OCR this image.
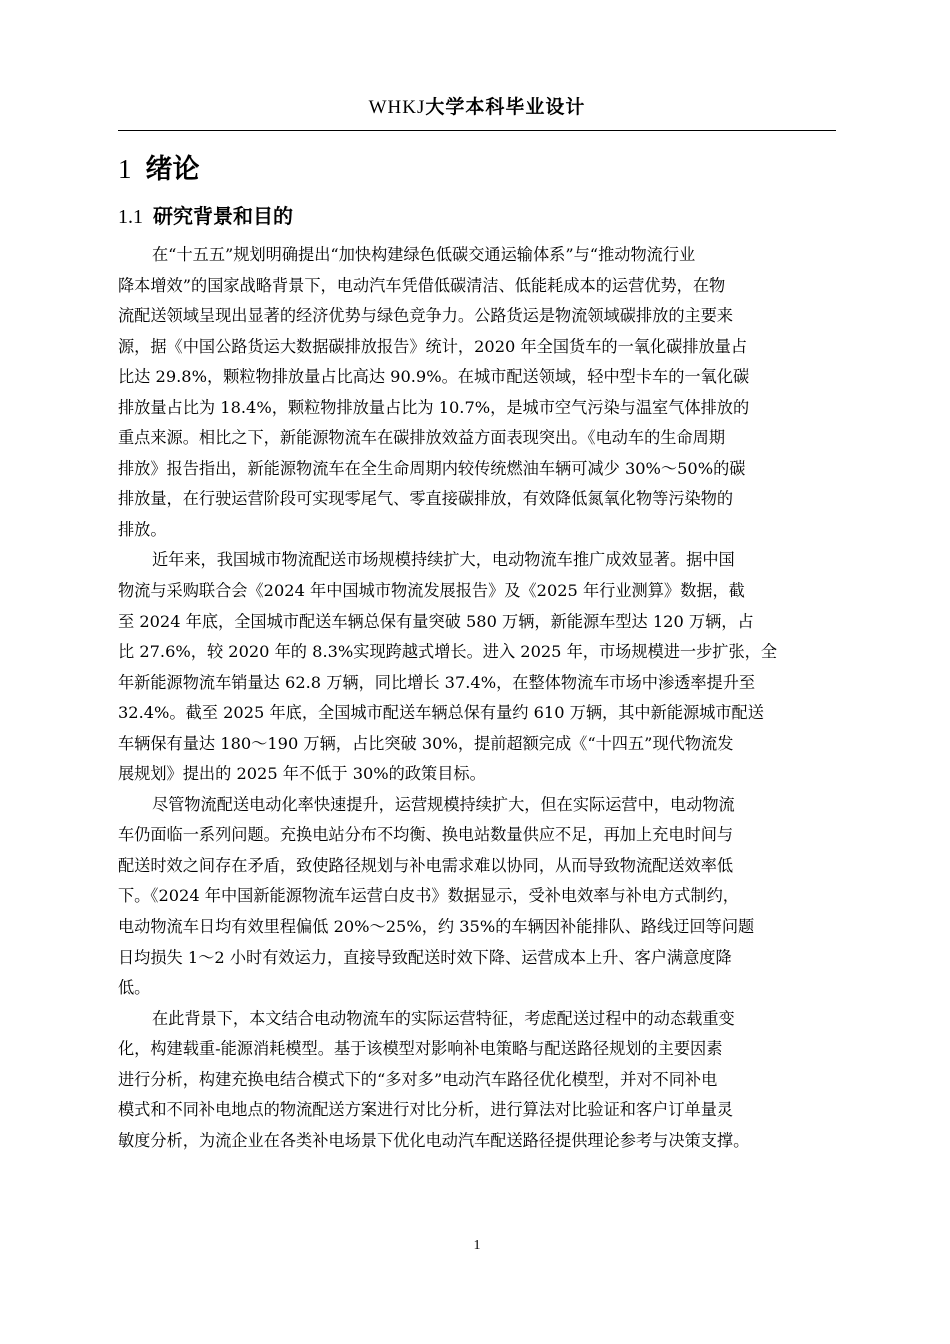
WHKJ大学本科毕业设计
1 绪论
1.1 研究背景和目的
在“十五五”规划明确提出“加快构建绿色低碳交通运输体系”与“推动物流行业
降本增效”的国家战略背景下，电动汽车凭借低碳清洁、低能耗成本的运营优势，在物
流配送领域呈现出显著的经济优势与绿色竞争力。公路货运是物流领域碳排放的主要来
源，据《中国公路货运大数据碳排放报告》统计，2020 年全国货车的一氧化碳排放量占
比达 29.8%，颗粒物排放量占比高达 90.9%。在城市配送领域，轻中型卡车的一氧化碳
排放量占比为 18.4%，颗粒物排放量占比为 10.7%，是城市空气污染与温室气体排放的
重点来源。相比之下，新能源物流车在碳排放效益方面表现突出。《电动车的生命周期
排放》报告指出，新能源物流车在全生命周期内较传统燃油车辆可减少 30%～50%的碳
排放量，在行驶运营阶段可实现零尾气、零直接碳排放，有效降低氮氧化物等污染物的
排放。
近年来，我国城市物流配送市场规模持续扩大，电动物流车推广成效显著。据中国
物流与采购联合会《2024 年中国城市物流发展报告》及《2025 年行业测算》数据，截
至 2024 年底，全国城市配送车辆总保有量突破 580 万辆，新能源车型达 120 万辆，占
比 27.6%，较 2020 年的 8.3%实现跨越式增长。进入 2025 年，市场规模进一步扩张，全
年新能源物流车销量达 62.8 万辆，同比增长 37.4%，在整体物流车市场中渗透率提升至
32.4%。截至 2025 年底，全国城市配送车辆总保有量约 610 万辆，其中新能源城市配送
车辆保有量达 180～190 万辆，占比突破 30%，提前超额完成《“十四五”现代物流发
展规划》提出的 2025 年不低于 30%的政策目标。
尽管物流配送电动化率快速提升，运营规模持续扩大，但在实际运营中，电动物流
车仍面临一系列问题。充换电站分布不均衡、换电站数量供应不足，再加上充电时间与
配送时效之间存在矛盾，致使路径规划与补电需求难以协同，从而导致物流配送效率低
下。《2024 年中国新能源物流车运营白皮书》数据显示，受补电效率与补电方式制约，
电动物流车日均有效里程偏低 20%～25%，约 35%的车辆因补能排队、路线迂回等问题
日均损失 1～2 小时有效运力，直接导致配送时效下降、运营成本上升、客户满意度降
低。
在此背景下，本文结合电动物流车的实际运营特征，考虑配送过程中的动态载重变
化，构建载重-能源消耗模型。基于该模型对影响补电策略与配送路径规划的主要因素
进行分析，构建充换电结合模式下的“多对多”电动汽车路径优化模型，并对不同补电
模式和不同补电地点的物流配送方案进行对比分析，进行算法对比验证和客户订单量灵
敏度分析，为流企业在各类补电场景下优化电动汽车配送路径提供理论参考与决策支撑。
1
